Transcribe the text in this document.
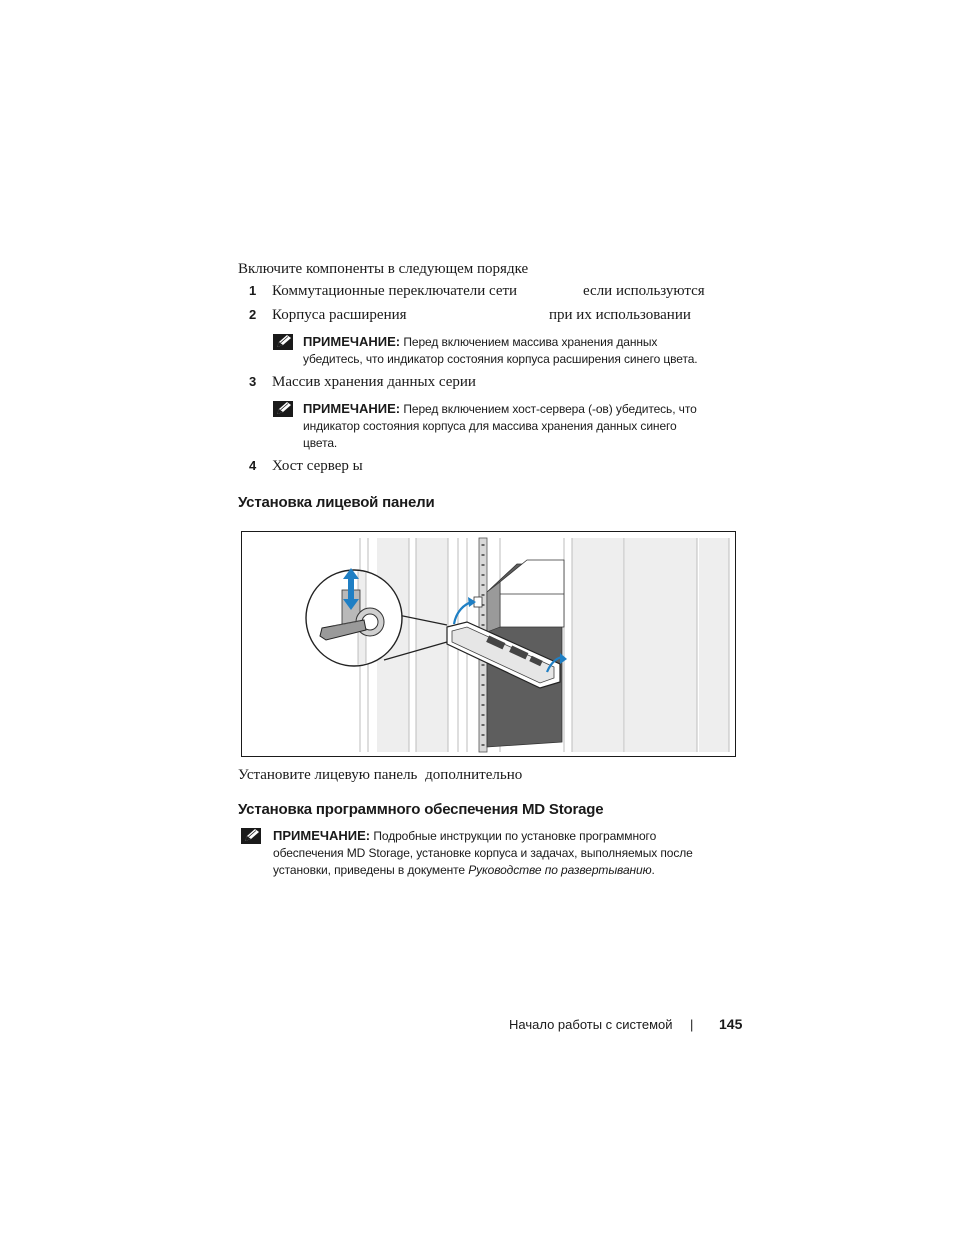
Включите компоненты в следующем порядке
1 Коммутационные переключатели сети	если используются
2 Корпуса расширения	при их использовании
ПРИМЕЧАНИЕ: Перед включением массива хранения данных
убедитесь, что индикатор состояния корпуса расширения синего цвета.
3 Массив хранения данных серии
ПРИМЕЧАНИЕ: Перед включением хост-сервера (-ов) убедитесь, что
индикатор состояния корпуса для массива хранения данных синего
цвета.
4 Хост сервер ы
Установка лицевой панели
Установите лицевую панель дополнительно
Установка программного обеспечения MD Storage
ПРИМЕЧАНИЕ: Подробные инструкции по установке программного
обеспечения MD Storage, установке корпуса и задачах, выполняемых после
установки, приведены в документе Руководстве по развертыванию.
Начало работы с системой | 145
